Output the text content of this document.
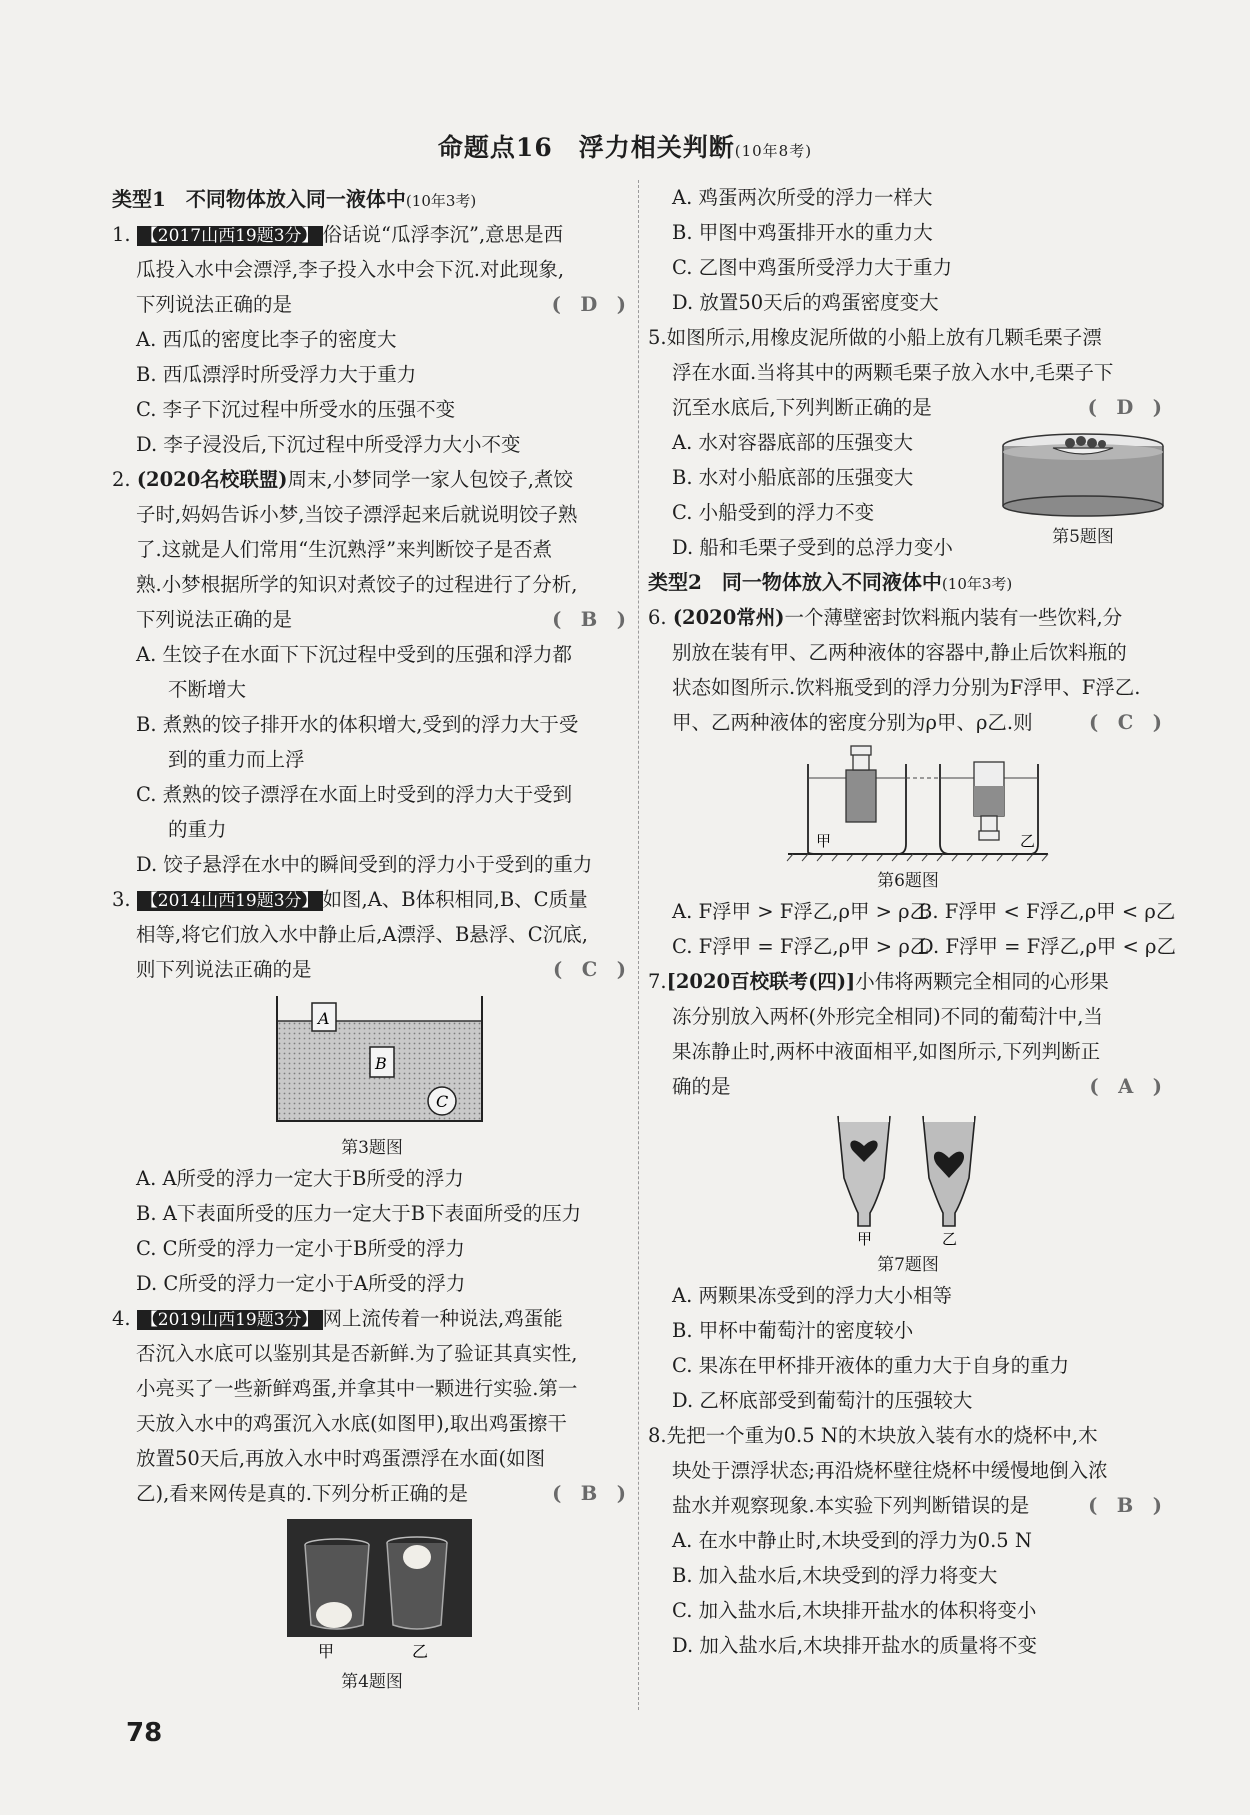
命题点16　浮力相关判断(10年8考)
类型1　不同物体放入同一液体中(10年3考)
1. 【2017山西19题3分】 俗话说“瓜浮李沉”,意思是西
瓜投入水中会漂浮,李子投入水中会下沉.对此现象,
下列说法正确的是	(　D　)
A. 西瓜的密度比李子的密度大
B. 西瓜漂浮时所受浮力大于重力
C. 李子下沉过程中所受水的压强不变
D. 李子浸没后,下沉过程中所受浮力大小不变
2. (2020名校联盟)周末,小梦同学一家人包饺子,煮饺
子时,妈妈告诉小梦,当饺子漂浮起来后就说明饺子熟
了.这就是人们常用“生沉熟浮”来判断饺子是否煮
熟.小梦根据所学的知识对煮饺子的过程进行了分析,
下列说法正确的是	(　B　)
A. 生饺子在水面下下沉过程中受到的压强和浮力都
不断增大
B. 煮熟的饺子排开水的体积增大,受到的浮力大于受
到的重力而上浮
C. 煮熟的饺子漂浮在水面上时受到的浮力大于受到
的重力
D. 饺子悬浮在水中的瞬间受到的浮力小于受到的重力
3. 【2014山西19题3分】 如图,A、B体积相同,B、C质量
相等,将它们放入水中静止后,A漂浮、B悬浮、C沉底,
则下列说法正确的是	(　C　)
A
B
C
第3题图
A. A所受的浮力一定大于B所受的浮力
B. A下表面所受的压力一定大于B下表面所受的压力
C. C所受的浮力一定小于B所受的浮力
D. C所受的浮力一定小于A所受的浮力
4. 【2019山西19题3分】 网上流传着一种说法,鸡蛋能
否沉入水底可以鉴别其是否新鲜.为了验证其真实性,
小亮买了一些新鲜鸡蛋,并拿其中一颗进行实验.第一
天放入水中的鸡蛋沉入水底(如图甲),取出鸡蛋擦干
放置50天后,再放入水中时鸡蛋漂浮在水面(如图
乙),看来网传是真的.下列分析正确的是	(　B　)
甲	乙
第4题图
A. 鸡蛋两次所受的浮力一样大
B. 甲图中鸡蛋排开水的重力大
C. 乙图中鸡蛋所受浮力大于重力
D. 放置50天后的鸡蛋密度变大
5.如图所示,用橡皮泥所做的小船上放有几颗毛栗子漂
浮在水面.当将其中的两颗毛栗子放入水中,毛栗子下
沉至水底后,下列判断正确的是	(　D　)
A. 水对容器底部的压强变大
B. 水对小船底部的压强变大
C. 小船受到的浮力不变
D. 船和毛栗子受到的总浮力变小	第5题图
类型2　同一物体放入不同液体中(10年3考)
6. (2020常州)一个薄壁密封饮料瓶内装有一些饮料,分
别放在装有甲、乙两种液体的容器中,静止后饮料瓶的
状态如图所示.饮料瓶受到的浮力分别为F浮甲、F浮乙.
甲、乙两种液体的密度分别为ρ甲、ρ乙.则	(　C　)
甲	乙
第6题图
A. F浮甲 > F浮乙,ρ甲 > ρ乙
B. F浮甲 < F浮乙,ρ甲 < ρ乙
C. F浮甲 = F浮乙,ρ甲 > ρ乙
D. F浮甲 = F浮乙,ρ甲 < ρ乙
7.[2020百校联考(四)]小伟将两颗完全相同的心形果
冻分别放入两杯(外形完全相同)不同的葡萄汁中,当
果冻静止时,两杯中液面相平,如图所示,下列判断正
确的是	(　A　)
甲	乙
第7题图
A. 两颗果冻受到的浮力大小相等
B. 甲杯中葡萄汁的密度较小
C. 果冻在甲杯排开液体的重力大于自身的重力
D. 乙杯底部受到葡萄汁的压强较大
8.先把一个重为0.5 N的木块放入装有水的烧杯中,木
块处于漂浮状态;再沿烧杯壁往烧杯中缓慢地倒入浓
盐水并观察现象.本实验下列判断错误的是	(　B　)
A. 在水中静止时,木块受到的浮力为0.5 N
B. 加入盐水后,木块受到的浮力将变大
C. 加入盐水后,木块排开盐水的体积将变小
D. 加入盐水后,木块排开盐水的质量将不变
78
